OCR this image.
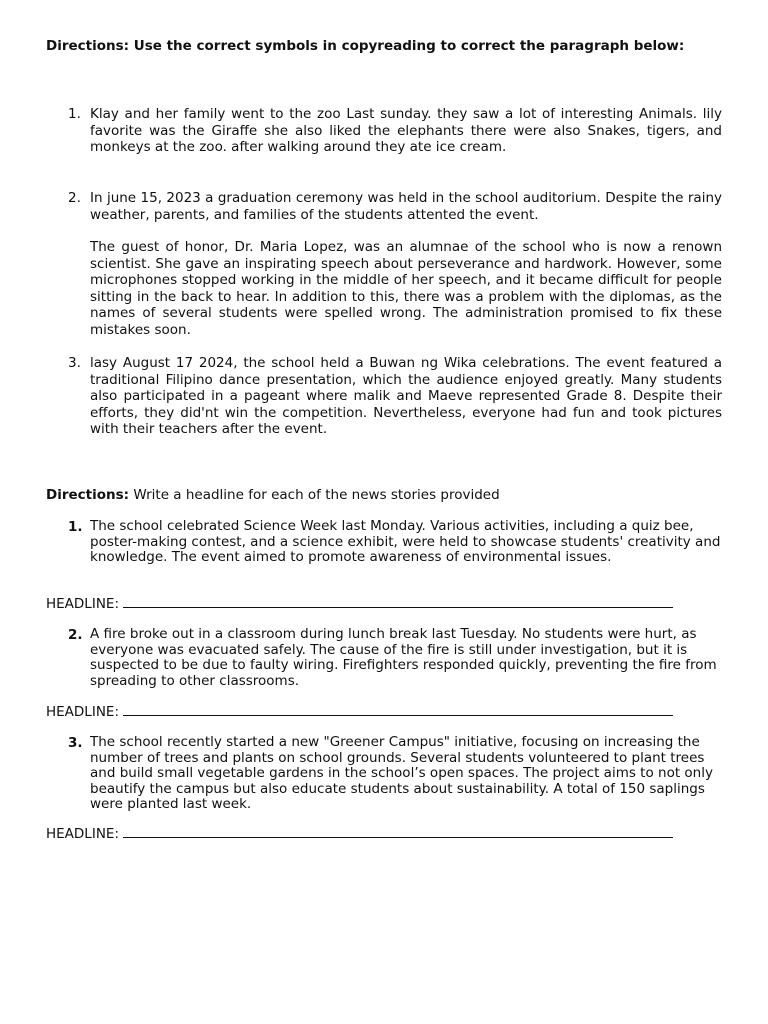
Directions: Use the correct symbols in copyreading to correct the paragraph below:
1. Klay and her family went to the zoo Last sunday. they saw a lot of interesting Animals. lily favorite was the Giraffe she also liked the elephants there were also Snakes, tigers, and monkeys at the zoo. after walking around they ate ice cream.

2. In june 15, 2023 a graduation ceremony was held in the school auditorium. Despite the rainy weather, parents, and families of the students attented the event.

The guest of honor, Dr. Maria Lopez, was an alumnae of the school who is now a renown scientist. She gave an inspirating speech about perseverance and hardwork. However, some microphones stopped working in the middle of her speech, and it became difficult for people sitting in the back to hear. In addition to this, there was a problem with the diplomas, as the names of several students were spelled wrong. The administration promised to fix these mistakes soon.

3. lasy August 17 2024, the school held a Buwan ng Wika celebrations. The event featured a traditional Filipino dance presentation, which the audience enjoyed greatly. Many students also participated in a pageant where malik and Maeve represented Grade 8. Despite their efforts, they did'nt win the competition. Nevertheless, everyone had fun and took pictures with their teachers after the event.

Directions: Write a headline for each of the news stories provided
1. The school celebrated Science Week last Monday. Various activities, including a quiz bee, poster-making contest, and a science exhibit, were held to showcase students' creativity and knowledge. The event aimed to promote awareness of environmental issues.
HEADLINE:
2. A fire broke out in a classroom during lunch break last Tuesday. No students were hurt, as everyone was evacuated safely. The cause of the fire is still under investigation, but it is suspected to be due to faulty wiring. Firefighters responded quickly, preventing the fire from spreading to other classrooms.
HEADLINE:
3. The school recently started a new "Greener Campus" initiative, focusing on increasing the number of trees and plants on school grounds. Several students volunteered to plant trees and build small vegetable gardens in the school’s open spaces. The project aims to not only beautify the campus but also educate students about sustainability. A total of 150 saplings were planted last week.
HEADLINE:
